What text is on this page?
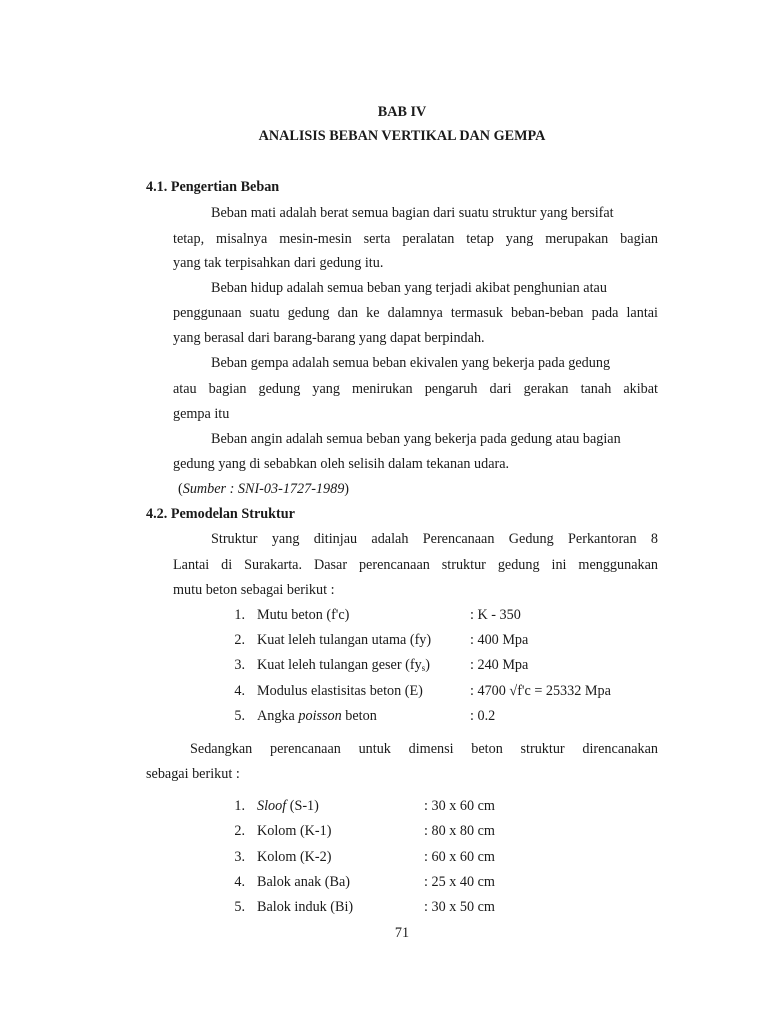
BAB IV
ANALISIS BEBAN VERTIKAL DAN GEMPA
4.1. Pengertian Beban
Beban mati adalah berat semua bagian dari suatu struktur yang bersifat
tetap, misalnya mesin-mesin serta peralatan tetap yang merupakan bagian
yang tak terpisahkan dari gedung itu.
Beban hidup adalah semua beban yang terjadi akibat penghunian atau
penggunaan suatu gedung dan ke dalamnya termasuk beban-beban pada lantai
yang berasal dari barang-barang yang dapat berpindah.
Beban gempa adalah semua beban ekivalen yang bekerja pada gedung
atau bagian gedung yang menirukan pengaruh dari gerakan tanah akibat
gempa itu
Beban angin adalah semua beban yang bekerja pada gedung atau bagian
gedung yang di sebabkan oleh selisih dalam tekanan udara.
(Sumber : SNI-03-1727-1989)
4.2. Pemodelan Struktur
Struktur yang ditinjau adalah Perencanaan Gedung Perkantoran 8
Lantai di Surakarta. Dasar perencanaan struktur gedung ini menggunakan
mutu beton sebagai berikut :
1. Mutu beton (f'c)	: K - 350
2. Kuat leleh tulangan utama (fy)	: 400 Mpa
3. Kuat leleh tulangan geser $(fy_s)$	: 240 Mpa
4. Modulus elastisitas beton (E)	: 4700 √f'c = 25332 Mpa
5. Angka poisson beton	: 0.2
Sedangkan perencanaan untuk dimensi beton struktur direncanakan
sebagai berikut :
1. Sloof (S-1)	: 30 x 60 cm
2. Kolom (K-1)	: 80 x 80 cm
3. Kolom (K-2)	: 60 x 60 cm
4. Balok anak (Ba)	: 25 x 40 cm
5. Balok induk (Bi)	: 30 x 50 cm
71
